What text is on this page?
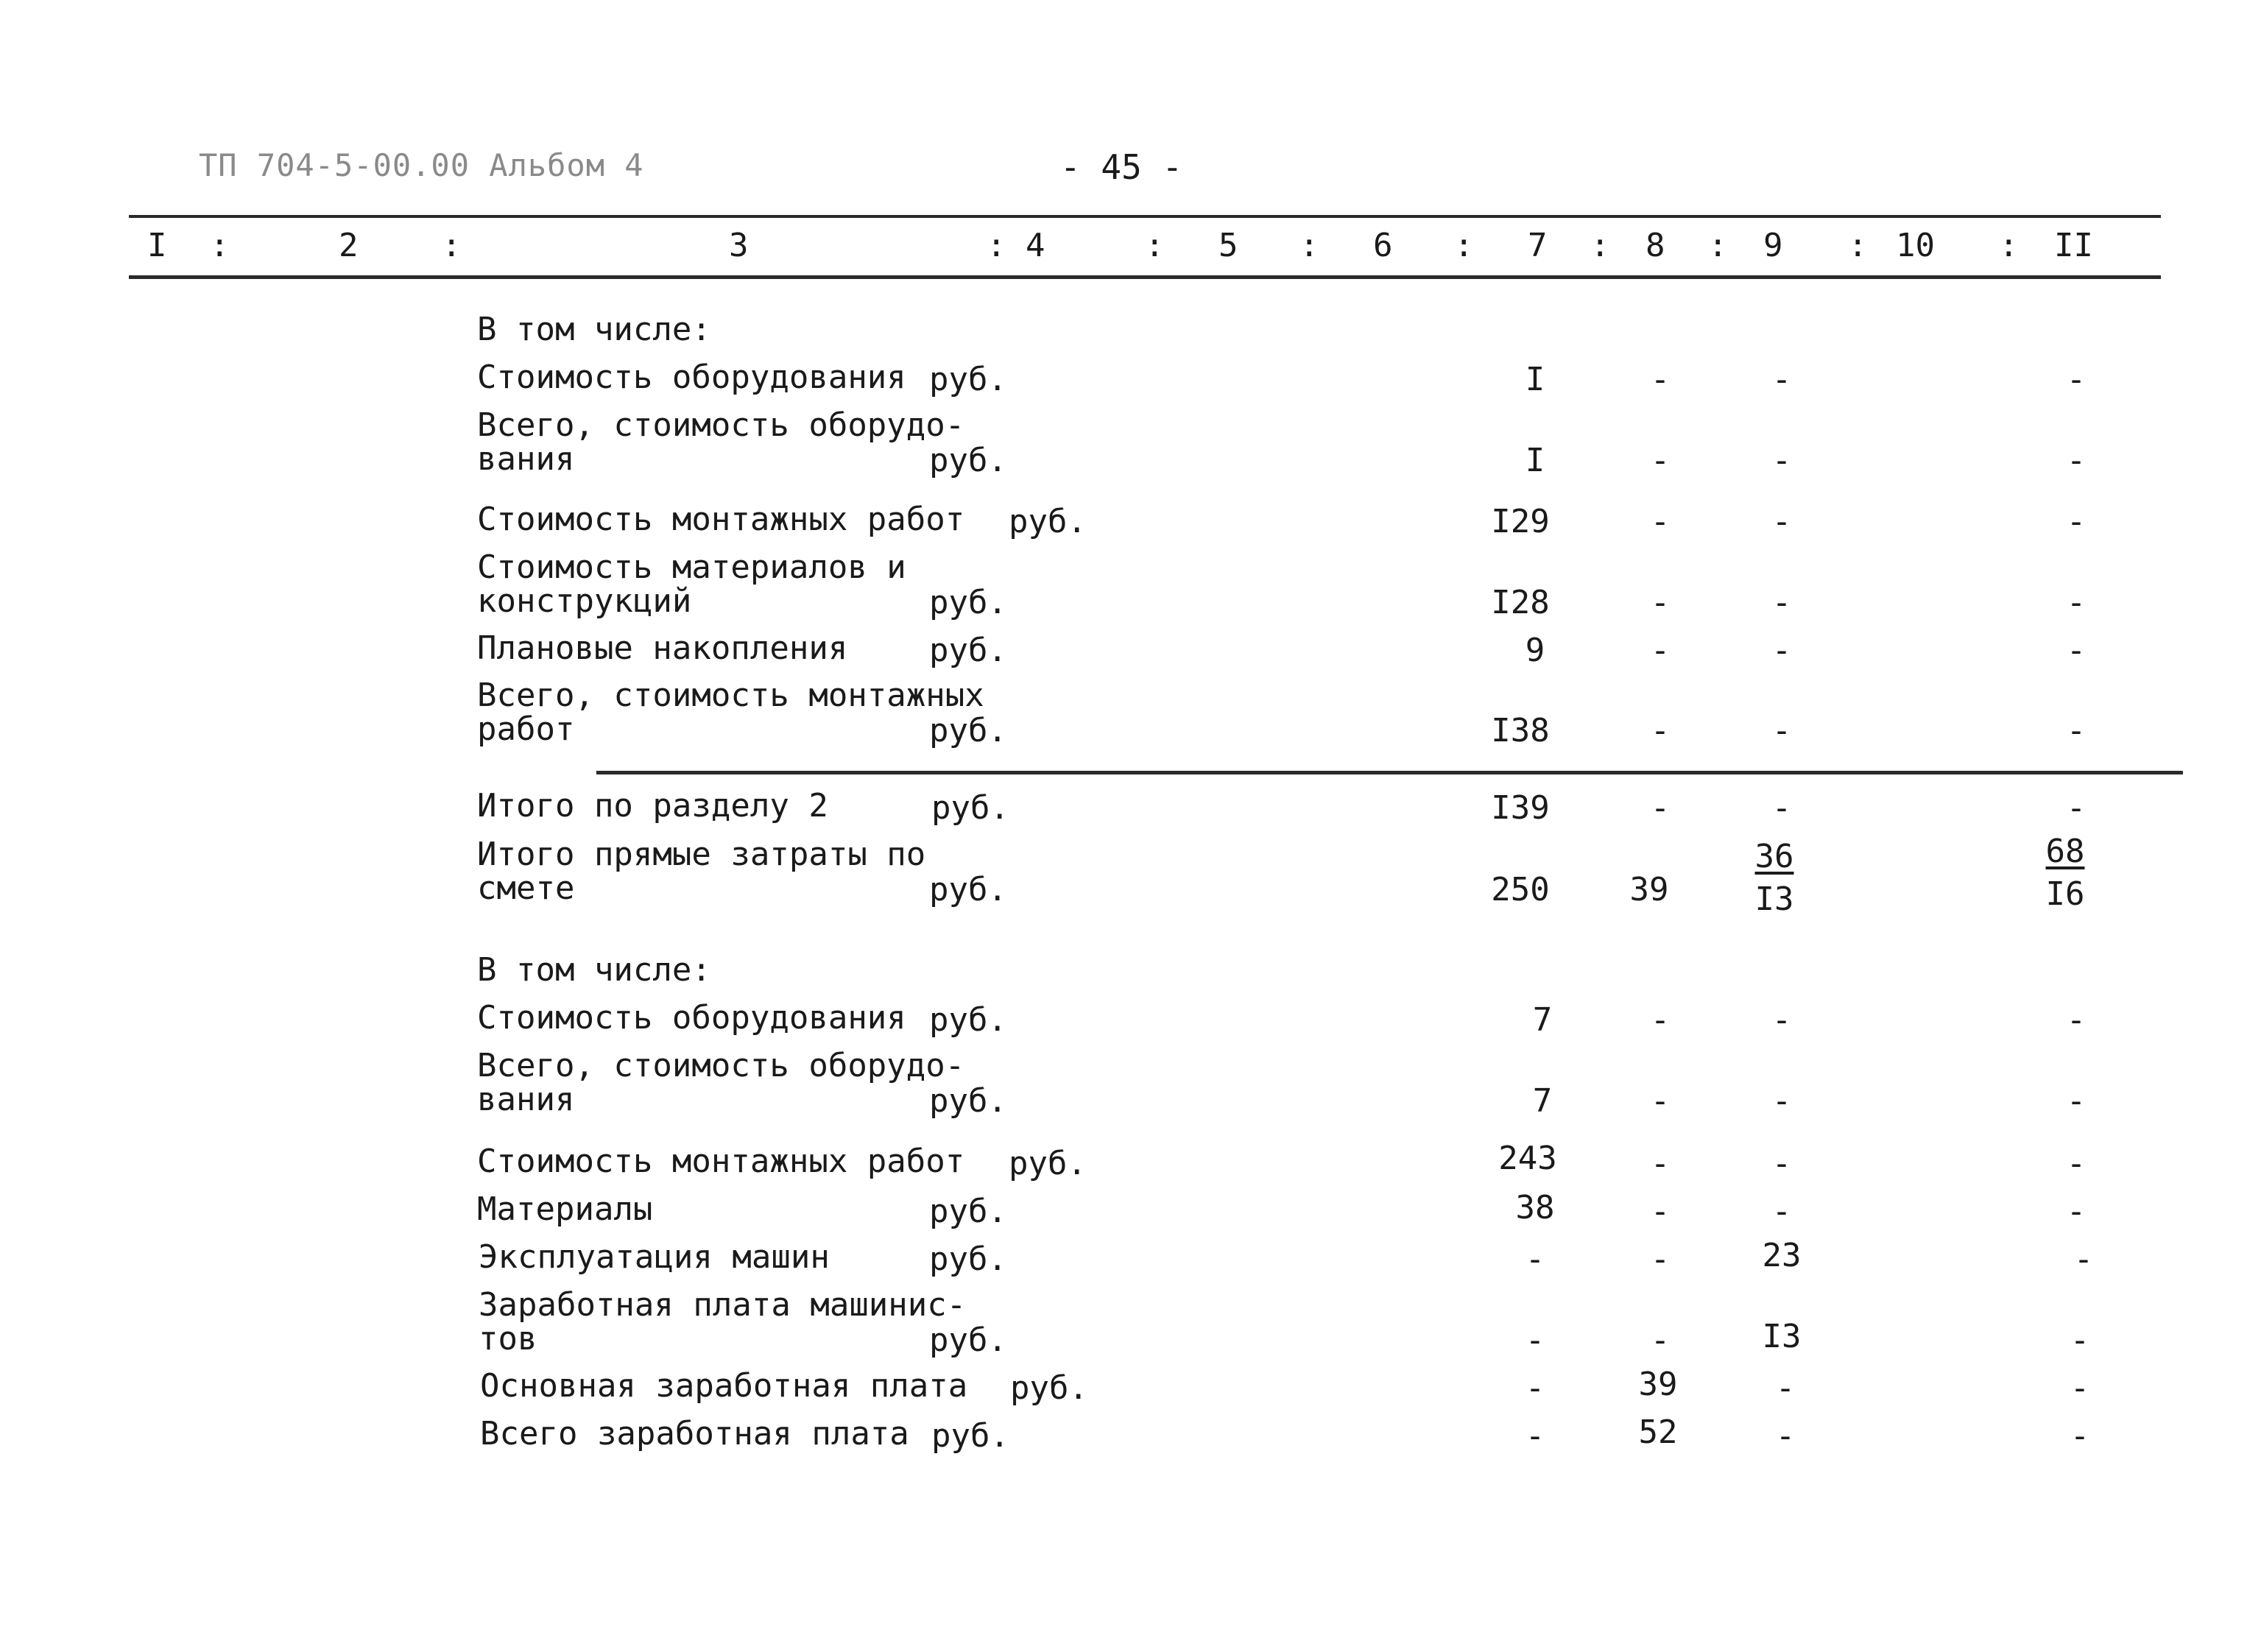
ТП 704-5-00.00 Альбом 4	- 45 -
I :	2	:	3	: 4	: 5 : 6 : 7 : 8 : 9 : 10 : II
В том числе:
Стоимость оборудования руб.	I	-	-	-
Всего, стоимость оборудо-
вания	руб.	I	-	-	-
Стоимость монтажных работ руб.	I29	-	-	-
Стоимость материалов и
конструкций	руб.	I28	-	-	-
Плановые накопления	руб.	9	-	-	-
Всего, стоимость монтажных
работ	руб.	I38	-	-	-
Итого по разделу 2	руб.	I39	-	-	-
Итого прямые затраты по
смете	руб.	250	39	$\frac{36}{I3}$	$\frac{68}{I6}$
В том числе:
Стоимость оборудования руб.	7	-	-	-
Всего, стоимость оборудо-
вания	руб.	7	-	-	-
Стоимость монтажных работ руб.	243	-	-	-
Материалы	руб.	38	-	-	-
Эксплуатация машин	руб.	-	-	23	-
Заработная плата машинис-
тов	руб.	-	-	I3	-
Основная заработная плата руб.	-	39	-	-
Всего заработная плата руб.	-	52	-	-
